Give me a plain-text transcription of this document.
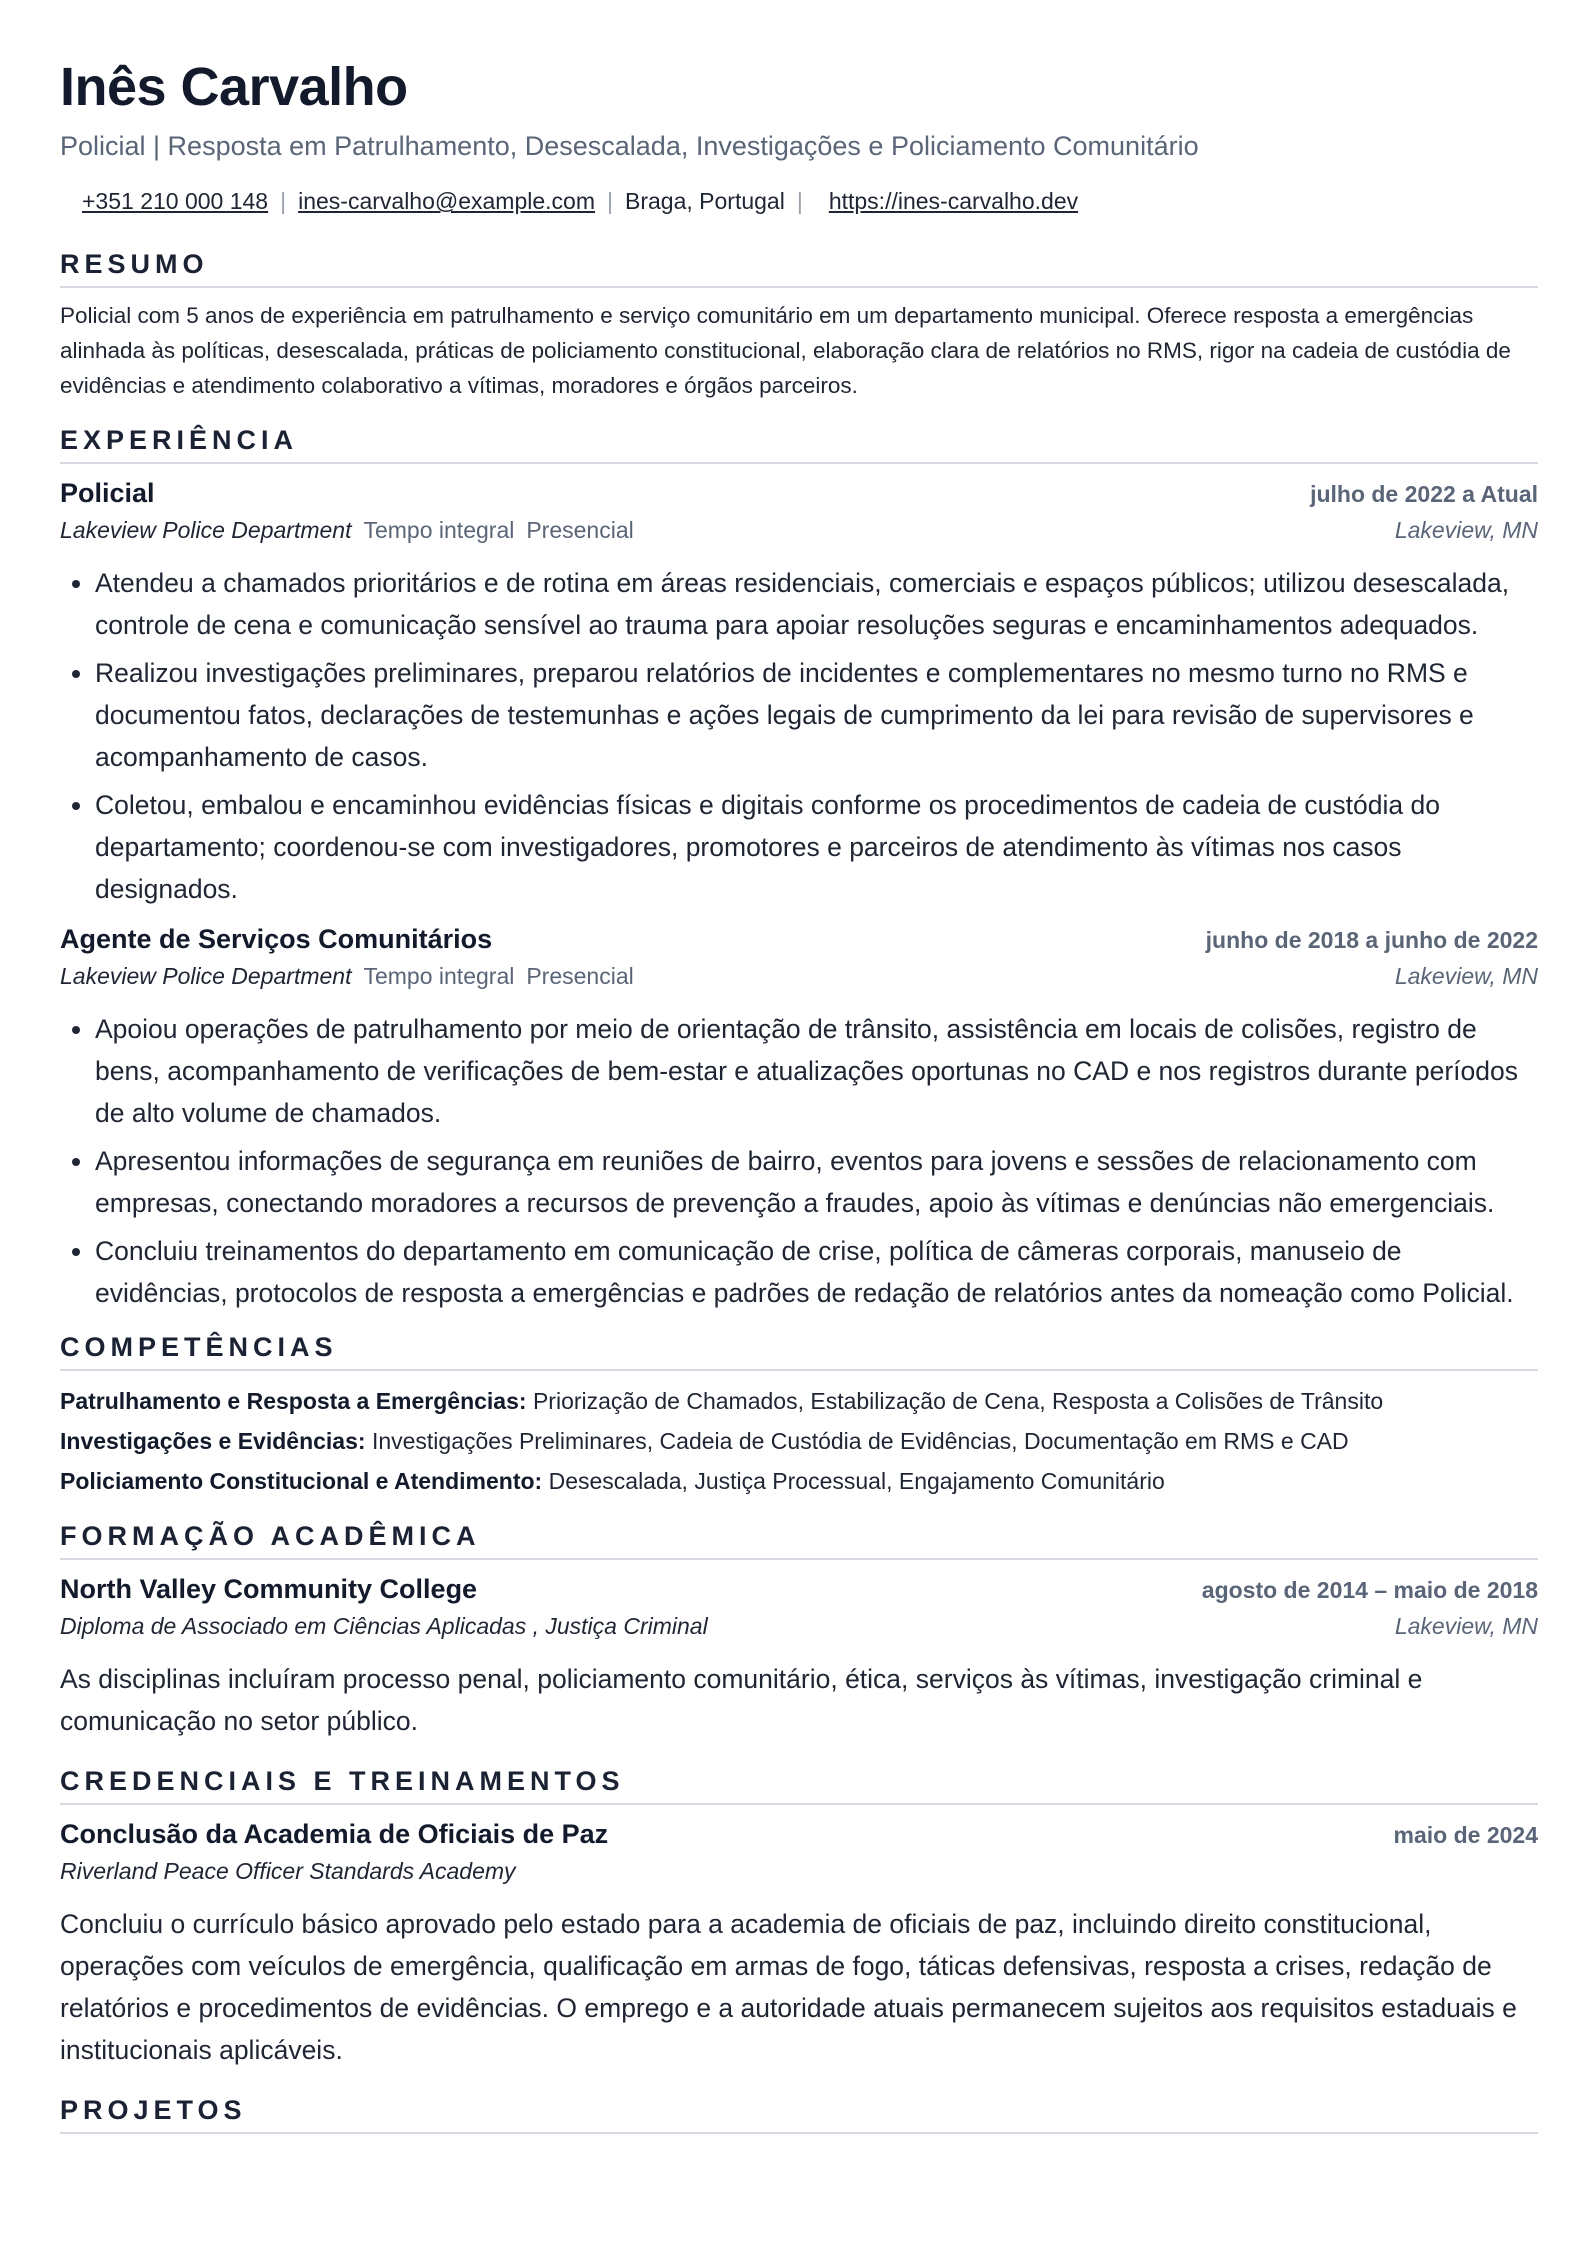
Inês Carvalho
Policial | Resposta em Patrulhamento, Desescalada, Investigações e Policiamento Comunitário
+351 210 000 148 | ines-carvalho@example.com | Braga, Portugal | https://ines-carvalho.dev
RESUMO
Policial com 5 anos de experiência em patrulhamento e serviço comunitário em um departamento municipal. Oferece resposta a emergências alinhada às políticas, desescalada, práticas de policiamento constitucional, elaboração clara de relatórios no RMS, rigor na cadeia de custódia de evidências e atendimento colaborativo a vítimas, moradores e órgãos parceiros.
EXPERIÊNCIA
Policial	julho de 2022 a Atual
Lakeview Police Department Tempo integral Presencial	Lakeview, MN
• Atendeu a chamados prioritários e de rotina em áreas residenciais, comerciais e espaços públicos; utilizou desescalada, controle de cena e comunicação sensível ao trauma para apoiar resoluções seguras e encaminhamentos adequados.
• Realizou investigações preliminares, preparou relatórios de incidentes e complementares no mesmo turno no RMS e documentou fatos, declarações de testemunhas e ações legais de cumprimento da lei para revisão de supervisores e acompanhamento de casos.
• Coletou, embalou e encaminhou evidências físicas e digitais conforme os procedimentos de cadeia de custódia do departamento; coordenou-se com investigadores, promotores e parceiros de atendimento às vítimas nos casos designados.
Agente de Serviços Comunitários	junho de 2018 a junho de 2022
Lakeview Police Department Tempo integral Presencial	Lakeview, MN
• Apoiou operações de patrulhamento por meio de orientação de trânsito, assistência em locais de colisões, registro de bens, acompanhamento de verificações de bem-estar e atualizações oportunas no CAD e nos registros durante períodos de alto volume de chamados.
• Apresentou informações de segurança em reuniões de bairro, eventos para jovens e sessões de relacionamento com empresas, conectando moradores a recursos de prevenção a fraudes, apoio às vítimas e denúncias não emergenciais.
• Concluiu treinamentos do departamento em comunicação de crise, política de câmeras corporais, manuseio de evidências, protocolos de resposta a emergências e padrões de redação de relatórios antes da nomeação como Policial.
COMPETÊNCIAS
Patrulhamento e Resposta a Emergências: Priorização de Chamados, Estabilização de Cena, Resposta a Colisões de Trânsito
Investigações e Evidências: Investigações Preliminares, Cadeia de Custódia de Evidências, Documentação em RMS e CAD
Policiamento Constitucional e Atendimento: Desescalada, Justiça Processual, Engajamento Comunitário
FORMAÇÃO ACADÊMICA
North Valley Community College	agosto de 2014 – maio de 2018
Diploma de Associado em Ciências Aplicadas , Justiça Criminal	Lakeview, MN
As disciplinas incluíram processo penal, policiamento comunitário, ética, serviços às vítimas, investigação criminal e comunicação no setor público.
CREDENCIAIS E TREINAMENTOS
Conclusão da Academia de Oficiais de Paz	maio de 2024
Riverland Peace Officer Standards Academy
Concluiu o currículo básico aprovado pelo estado para a academia de oficiais de paz, incluindo direito constitucional, operações com veículos de emergência, qualificação em armas de fogo, táticas defensivas, resposta a crises, redação de relatórios e procedimentos de evidências. O emprego e a autoridade atuais permanecem sujeitos aos requisitos estaduais e institucionais aplicáveis.
PROJETOS
